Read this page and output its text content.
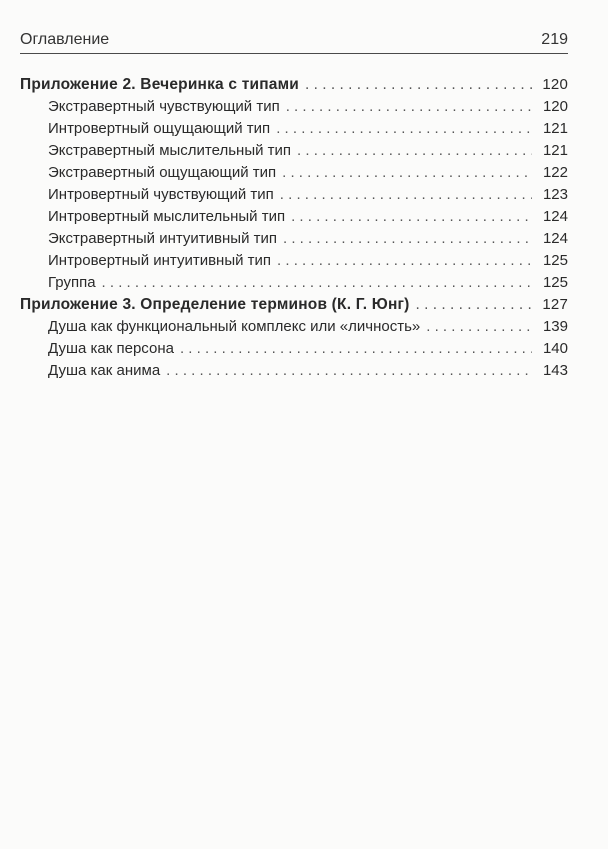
Оглавление	219
Приложение 2. Вечеринка с типами . . .	120
Экстравертный чувствующий тип . . .	120
Интровертный ощущающий тип . . .	121
Экстравертный мыслительный тип . . .	121
Экстравертный ощущающий тип . . .	122
Интровертный чувствующий тип . . .	123
Интровертный мыслительный тип . . .	124
Экстравертный интуитивный тип . . .	124
Интровертный интуитивный тип . . .	125
Группа . . .	125
Приложение 3. Определение терминов (К. Г. Юнг) . . .	127
Душа как функциональный комплекс или «личность» . . .	139
Душа как персона . . .	140
Душа как анима . . .	143
